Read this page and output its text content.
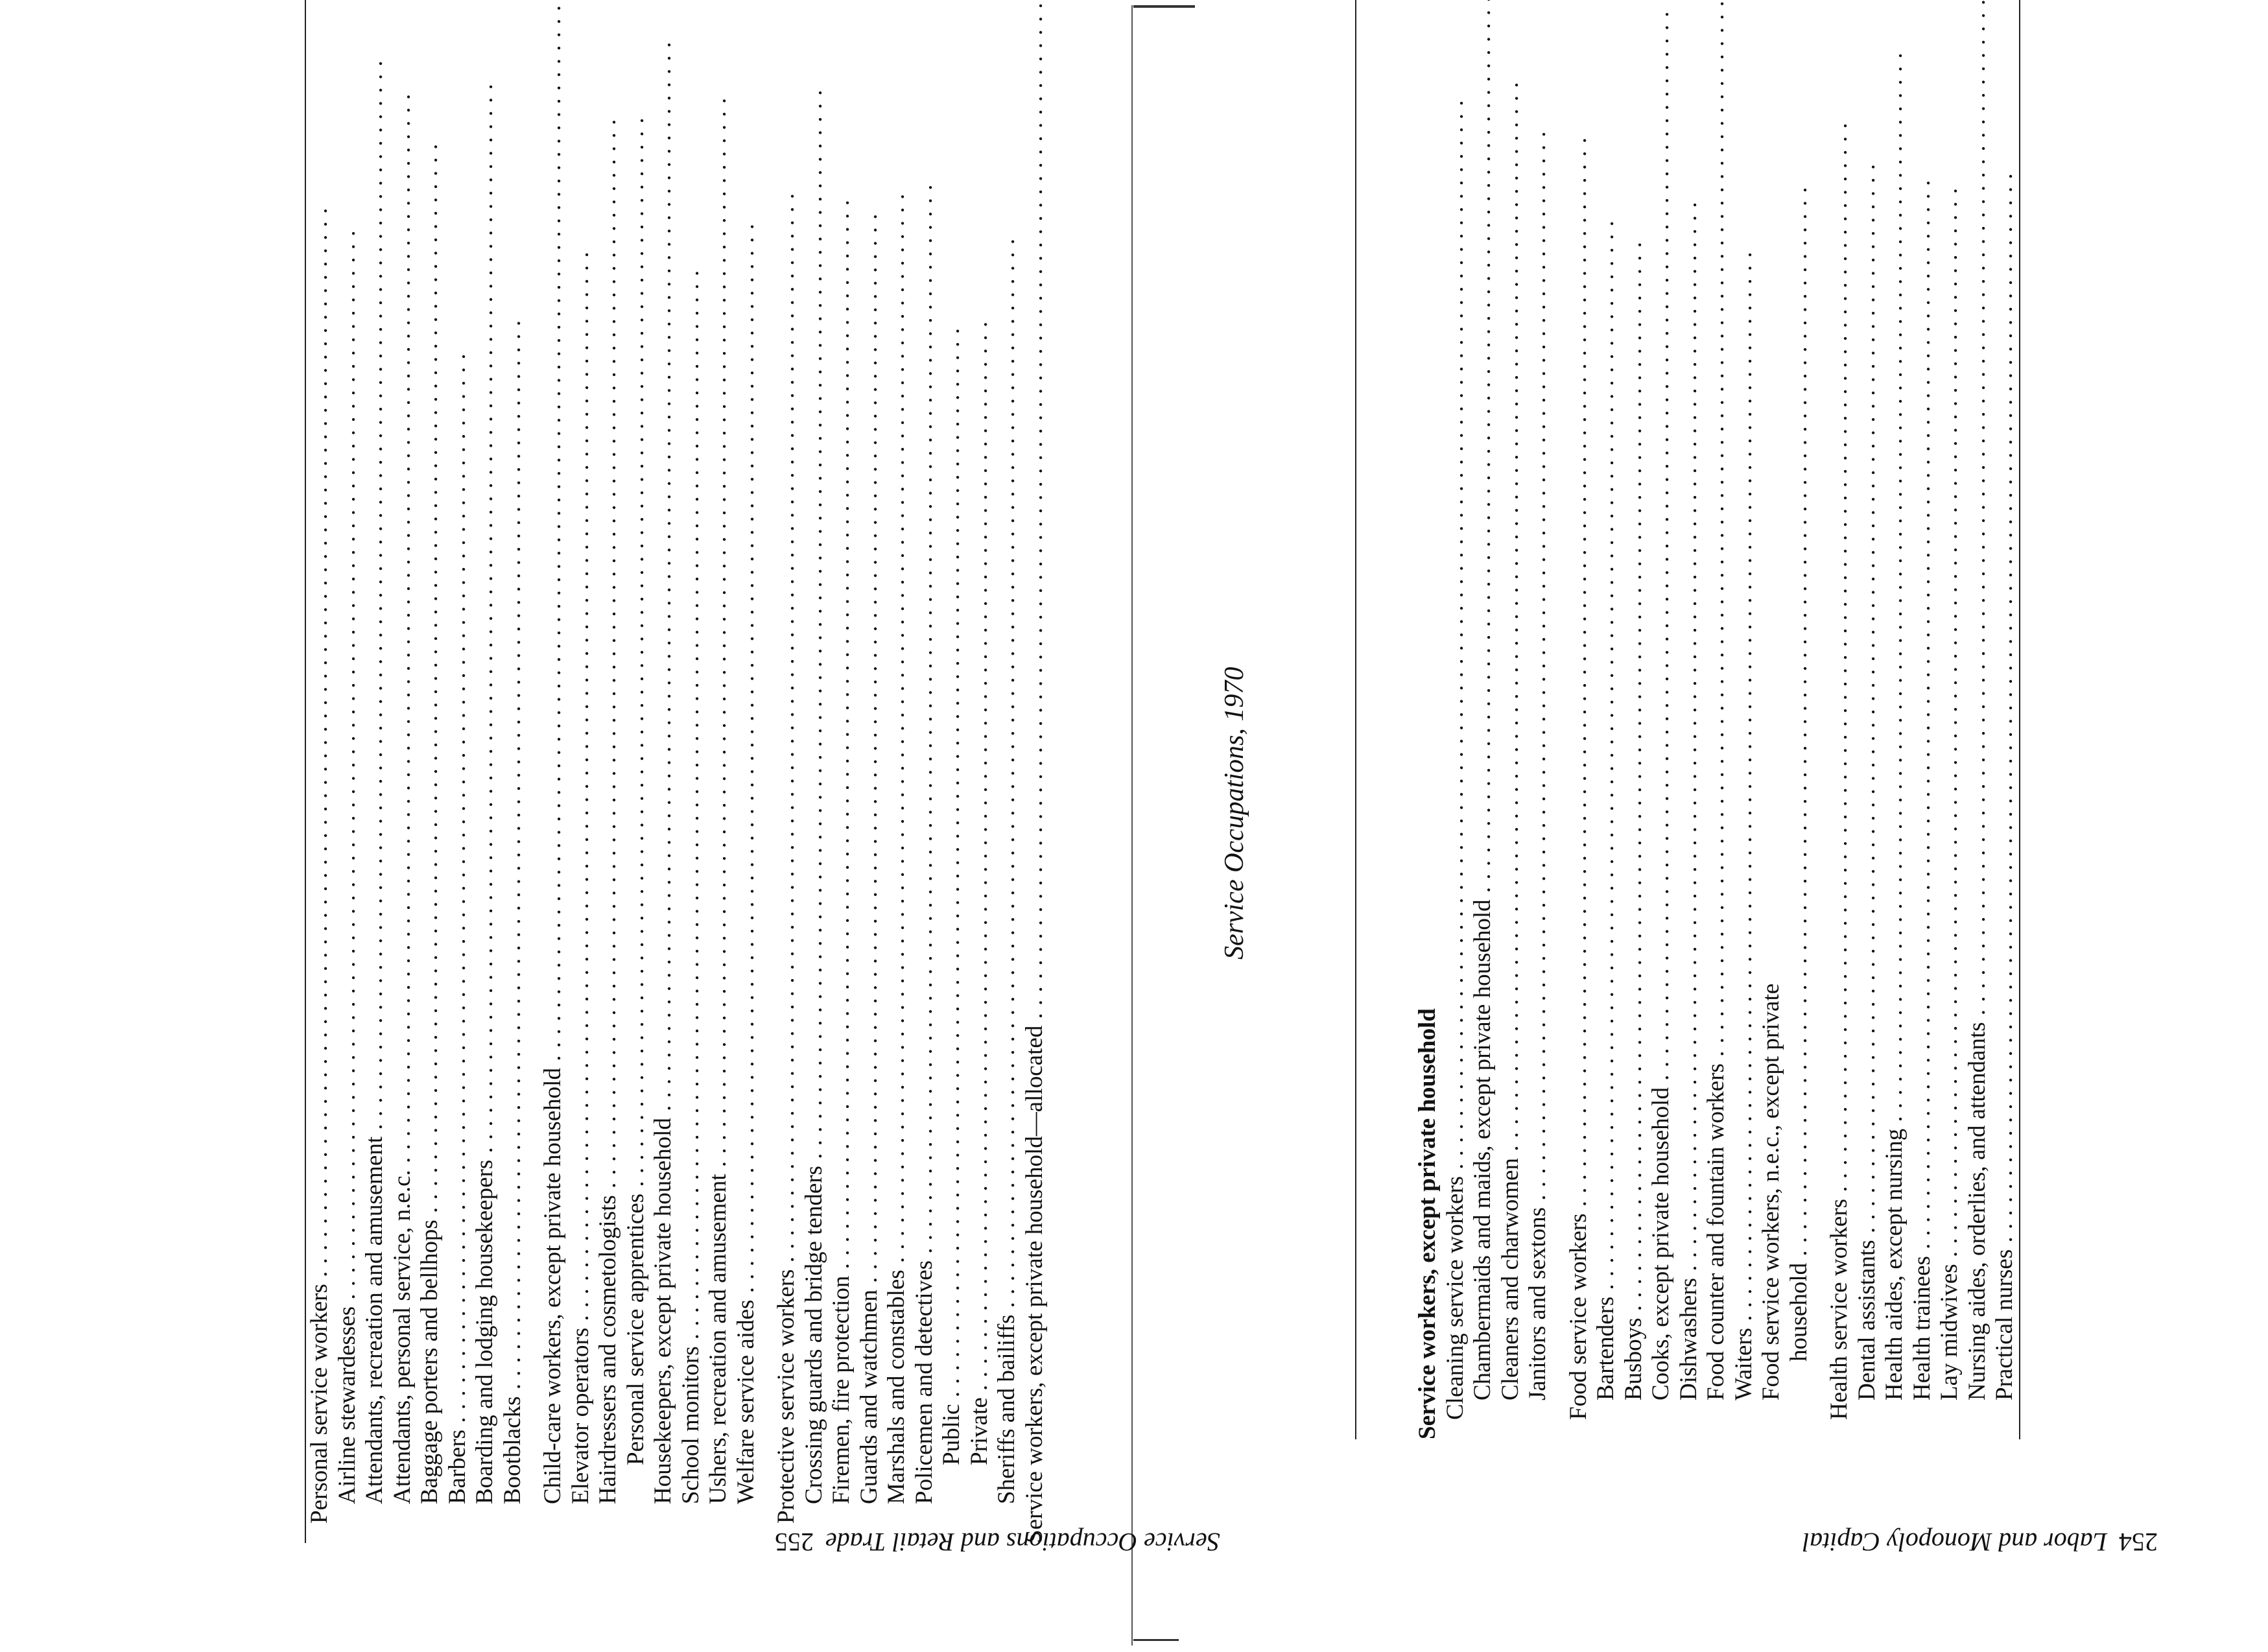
Service Occupations, 1970

Service workers, except private household					
Cleaning service workers . . .					
Chambermaids and maids, except private household . . .					
Cleaners and charwomen . . .					
Janitors and sextons . . .					

Food service workers . . .					
Bartenders . . .					
Busboys . . .					
Cooks, except private household . . .					
Dishwashers . . .					
Food counter and fountain workers . . .					
Waiters . . .					
Food service workers, n.e.c., except private					
household . . .					

Health service workers . . .					
Dental assistants . . .					
Health aides, except nursing . . .					
Health trainees . . .					
Lay midwives . . .					
Nursing aides, orderlies, and attendants . . .					
Practical nurses . . .					
Personal service workers . . .					
Airline stewardesses . . .					
Attendants, recreation and amusement . . .					
Attendants, personal service, n.e.c. . . .					
Baggage porters and bellhops . . .					
Barbers . . .					
Boarding and lodging housekeepers . . .					
Bootblacks . . .					

Child-care workers, except private household . . .					
Elevator operators . . .					
Hairdressers and cosmetologists . . .					
Personal service apprentices . . .					
Housekeepers, except private household . . .					
School monitors . . .					
Ushers, recreation and amusement . . .					
Welfare service aides . . .					

Protective service workers . . .					
Crossing guards and bridge tenders . . .					
Firemen, fire protection . . .					
Guards and watchmen . . .					
Marshals and constables . . .					
Policemen and detectives . . .					
Public . . .					
Private . . .					
Sheriffs and bailiffs . . .					
Service workers, except private household—allocated . . .						254Labor and Monopoly Capital
Service Occupations and Retail Trade255
